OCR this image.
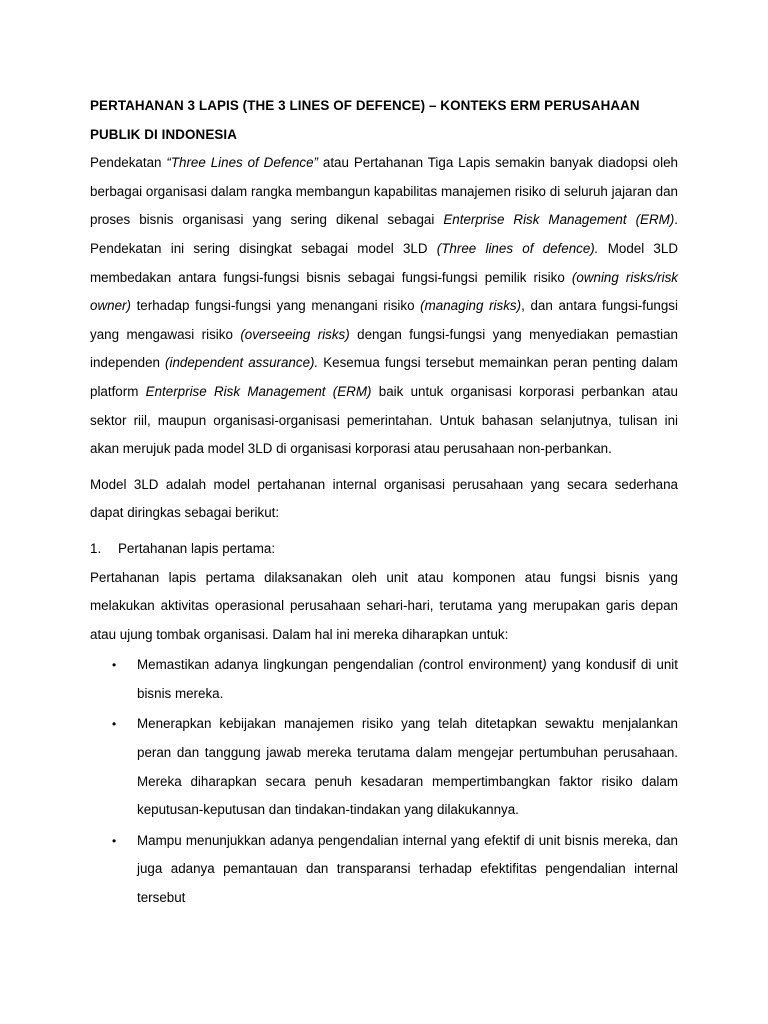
PERTAHANAN 3 LAPIS (THE 3 LINES OF DEFENCE) – KONTEKS ERM PERUSAHAAN PUBLIK DI INDONESIA

Pendekatan “Three Lines of Defence” atau Pertahanan Tiga Lapis semakin banyak diadopsi oleh berbagai organisasi dalam rangka membangun kapabilitas manajemen risiko di seluruh jajaran dan proses bisnis organisasi yang sering dikenal sebagai Enterprise Risk Management (ERM). Pendekatan ini sering disingkat sebagai model 3LD (Three lines of defence). Model 3LD membedakan antara fungsi-fungsi bisnis sebagai fungsi-fungsi pemilik risiko (owning risks/risk owner) terhadap fungsi-fungsi yang menangani risiko (managing risks), dan antara fungsi-fungsi yang mengawasi risiko (overseeing risks) dengan fungsi-fungsi yang menyediakan pemastian independen (independent assurance). Kesemua fungsi tersebut memainkan peran penting dalam platform Enterprise Risk Management (ERM) baik untuk organisasi korporasi perbankan atau sektor riil, maupun organisasi-organisasi pemerintahan. Untuk bahasan selanjutnya, tulisan ini akan merujuk pada model 3LD di organisasi korporasi atau perusahaan non-perbankan.

Model 3LD adalah model pertahanan internal organisasi perusahaan yang secara sederhana dapat diringkas sebagai berikut:

1.	Pertahanan lapis pertama:

Pertahanan lapis pertama dilaksanakan oleh unit atau komponen atau fungsi bisnis yang melakukan aktivitas operasional perusahaan sehari-hari, terutama yang merupakan garis depan atau ujung tombak organisasi. Dalam hal ini mereka diharapkan untuk:

• Memastikan adanya lingkungan pengendalian (control environment) yang kondusif di unit bisnis mereka.
• Menerapkan kebijakan manajemen risiko yang telah ditetapkan sewaktu menjalankan peran dan tanggung jawab mereka terutama dalam mengejar pertumbuhan perusahaan. Mereka diharapkan secara penuh kesadaran mempertimbangkan faktor risiko dalam keputusan-keputusan dan tindakan-tindakan yang dilakukannya.
• Mampu menunjukkan adanya pengendalian internal yang efektif di unit bisnis mereka, dan juga adanya pemantauan dan transparansi terhadap efektifitas pengendalian internal tersebut
